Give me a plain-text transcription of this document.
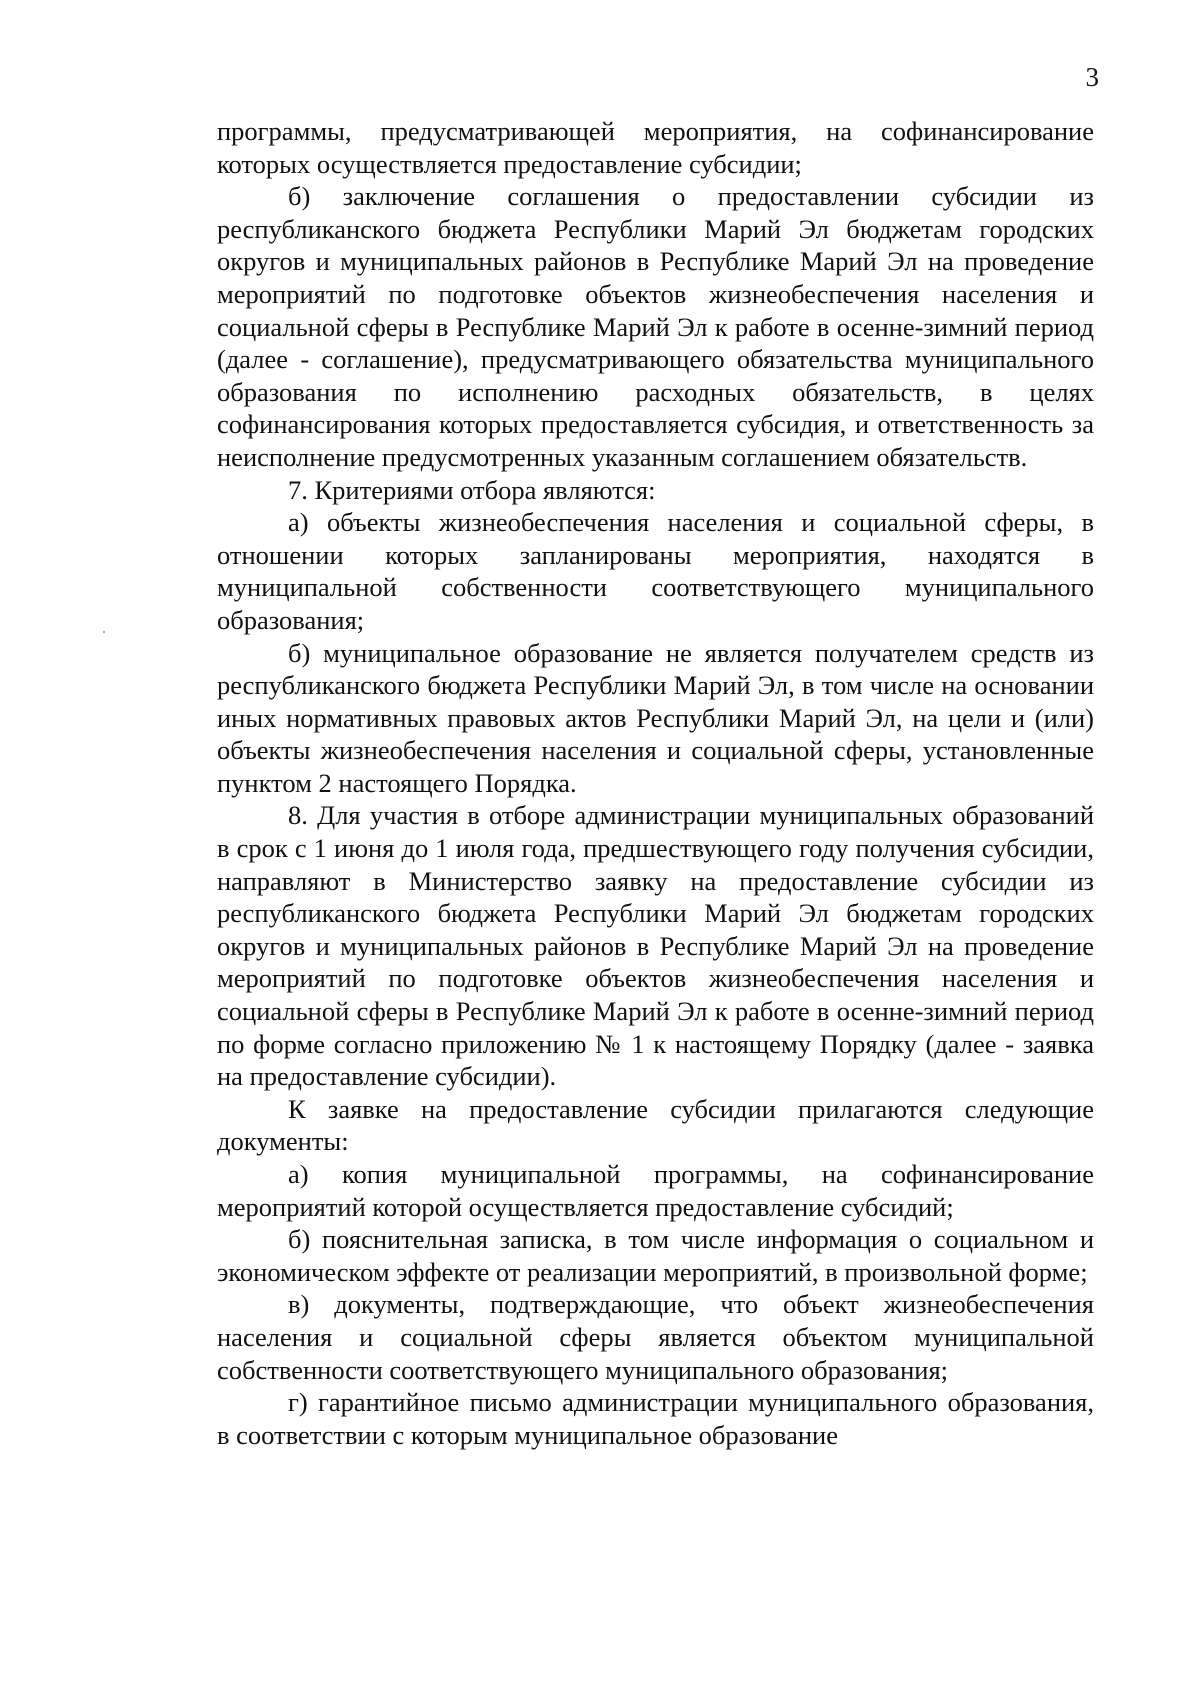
3

программы, предусматривающей мероприятия, на софинансирование которых осуществляется предоставление субсидии;

б) заключение соглашения о предоставлении субсидии из республиканского бюджета Республики Марий Эл бюджетам городских округов и муниципальных районов в Республике Марий Эл на проведение мероприятий по подготовке объектов жизнеобеспечения населения и социальной сферы в Республике Марий Эл к работе в осенне-зимний период (далее - соглашение), предусматривающего обязательства муниципального образования по исполнению расходных обязательств, в целях софинансирования которых предоставляется субсидия, и ответственность за неисполнение предусмотренных указанным соглашением обязательств.

7. Критериями отбора являются:

а) объекты жизнеобеспечения населения и социальной сферы, в отношении которых запланированы мероприятия, находятся в муниципальной собственности соответствующего муниципального образования;

б) муниципальное образование не является получателем средств из республиканского бюджета Республики Марий Эл, в том числе на основании иных нормативных правовых актов Республики Марий Эл, на цели и (или) объекты жизнеобеспечения населения и социальной сферы, установленные пунктом 2 настоящего Порядка.

8. Для участия в отборе администрации муниципальных образований в срок с 1 июня до 1 июля года, предшествующего году получения субсидии, направляют в Министерство заявку на предоставление субсидии из республиканского бюджета Республики Марий Эл бюджетам городских округов и муниципальных районов в Республике Марий Эл на проведение мероприятий по подготовке объектов жизнеобеспечения населения и социальной сферы в Республике Марий Эл к работе в осенне-зимний период по форме согласно приложению № 1 к настоящему Порядку (далее - заявка на предоставление субсидии).

К заявке на предоставление субсидии прилагаются следующие документы:

а) копия муниципальной программы, на софинансирование мероприятий которой осуществляется предоставление субсидий;

б) пояснительная записка, в том числе информация о социальном и экономическом эффекте от реализации мероприятий, в произвольной форме;

в) документы, подтверждающие, что объект жизнеобеспечения населения и социальной сферы является объектом муниципальной собственности соответствующего муниципального образования;

г) гарантийное письмо администрации муниципального образования, в соответствии с которым муниципальное образование
